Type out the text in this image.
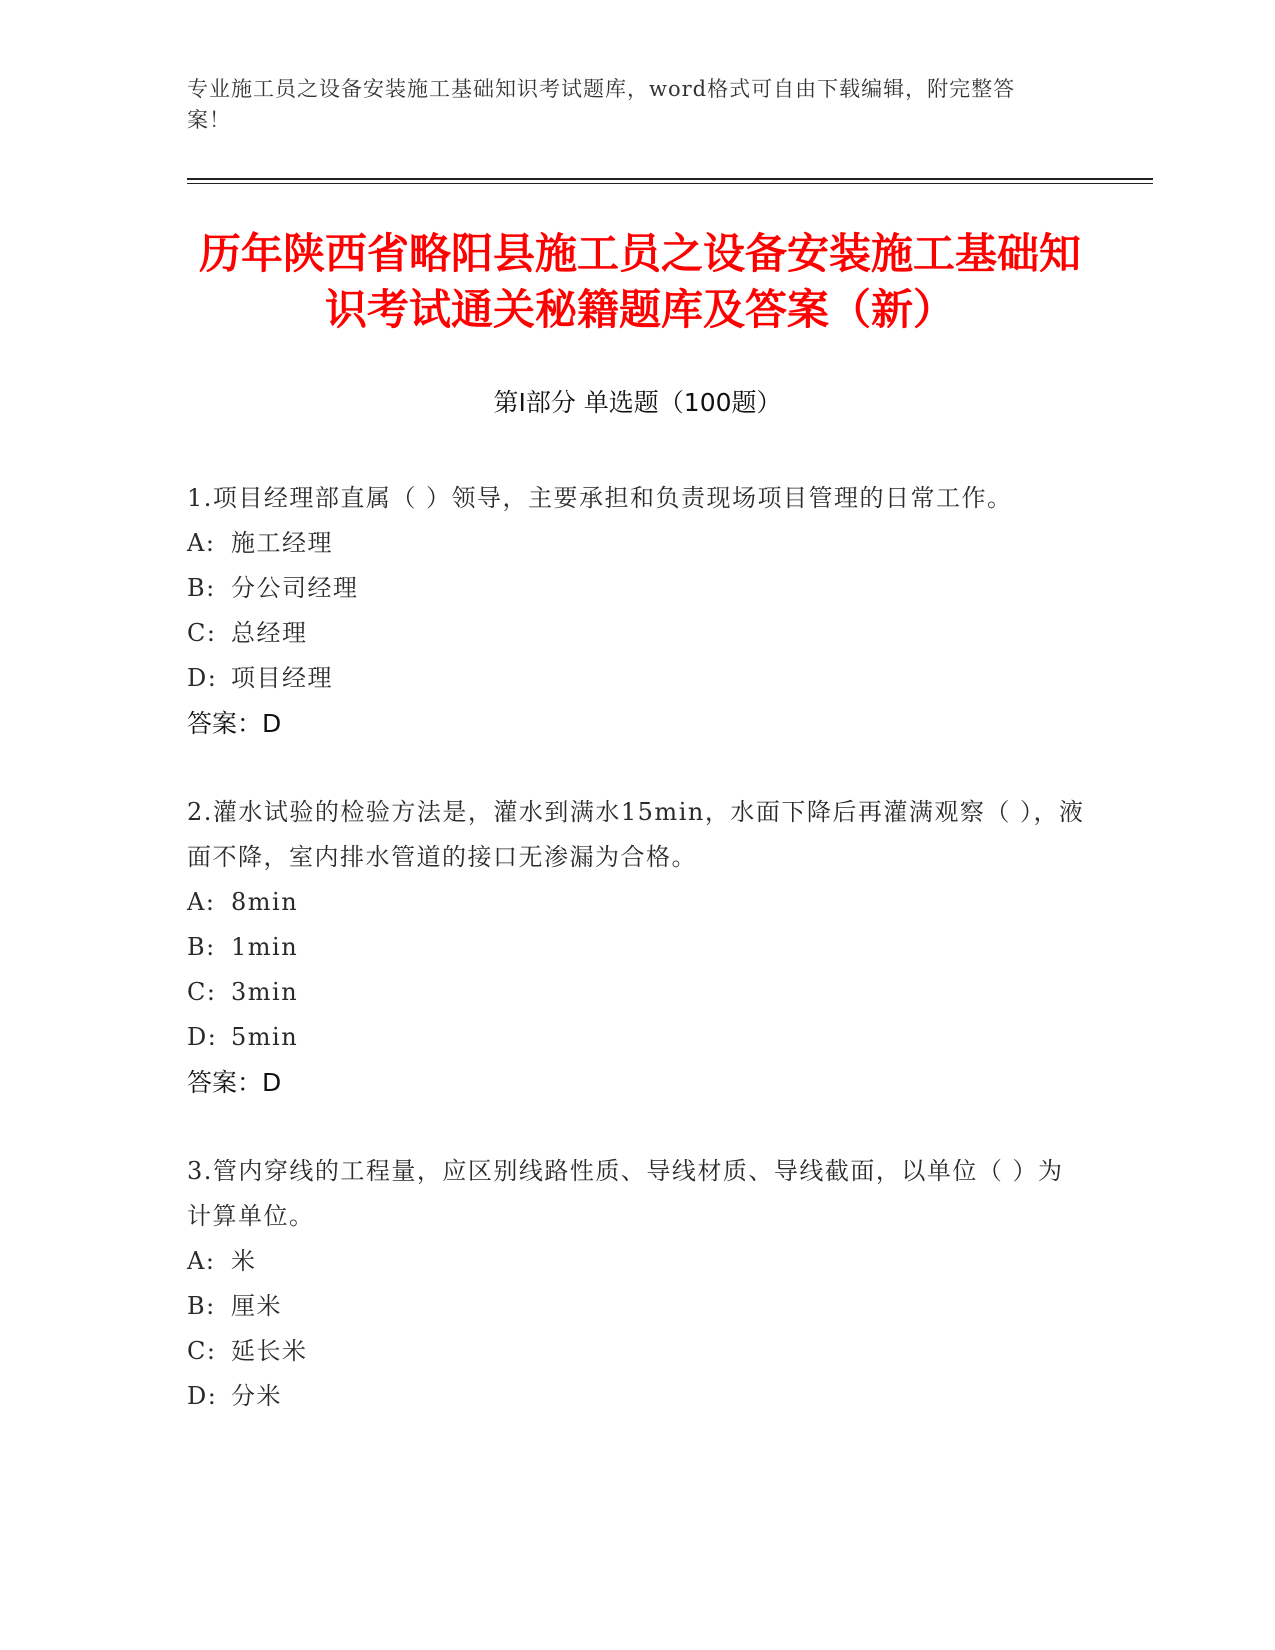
专业施工员之设备安装施工基础知识考试题库，word格式可自由下载编辑，附完整答案！
历年陕西省略阳县施工员之设备安装施工基础知识考试通关秘籍题库及答案（新）
第Ⅰ部分 单选题（100题）
1.项目经理部直属（ ）领导，主要承担和负责现场项目管理的日常工作。
A: 施工经理
B: 分公司经理
C: 总经理
D: 项目经理
答案：D
2.灌水试验的检验方法是，灌水到满水15min，水面下降后再灌满观察（ ），液面不降，室内排水管道的接口无渗漏为合格。
A: 8min
B: 1min
C: 3min
D: 5min
答案：D
3.管内穿线的工程量，应区别线路性质、导线材质、导线截面，以单位（ ）为计算单位。
A: 米
B: 厘米
C: 延长米
D: 分米
